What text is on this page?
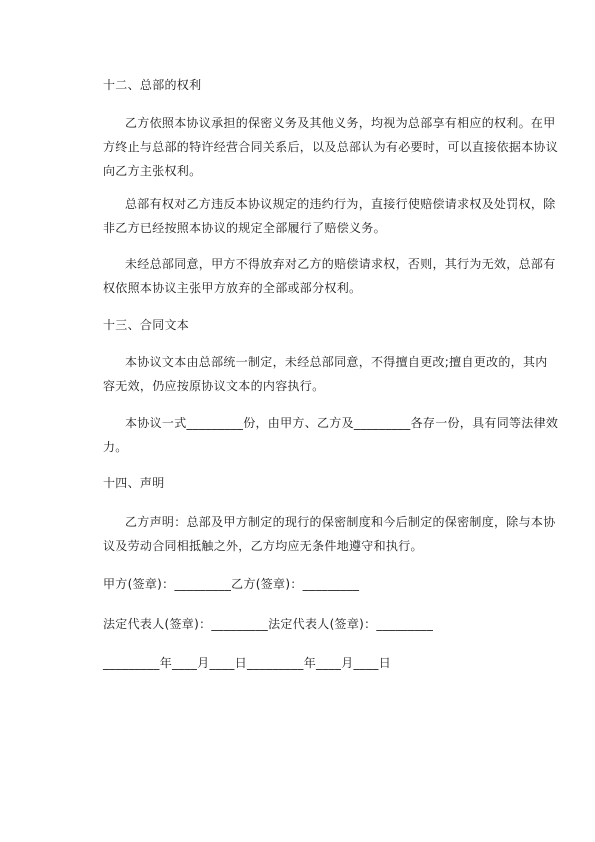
十二、总部的权利
乙方依照本协议承担的保密义务及其他义务，均视为总部享有相应的权利。在甲
方终止与总部的特许经营合同关系后，以及总部认为有必要时，可以直接依据本协议
向乙方主张权利。
总部有权对乙方违反本协议规定的违约行为，直接行使赔偿请求权及处罚权，除
非乙方已经按照本协议的规定全部履行了赔偿义务。
未经总部同意，甲方不得放弃对乙方的赔偿请求权，否则，其行为无效，总部有
权依照本协议主张甲方放弃的全部或部分权利。
十三、合同文本
本协议文本由总部统一制定，未经总部同意，不得擅自更改;擅自更改的，其内
容无效，仍应按原协议文本的内容执行。
本协议一式_________份，由甲方、乙方及_________各存一份，具有同等法律效
力。
十四、声明
乙方声明：总部及甲方制定的现行的保密制度和今后制定的保密制度，除与本协
议及劳动合同相抵触之外，乙方均应无条件地遵守和执行。
甲方(签章)：_________乙方(签章)：_________
法定代表人(签章)：_________法定代表人(签章)：_________
_________年____月____日_________年____月____日
